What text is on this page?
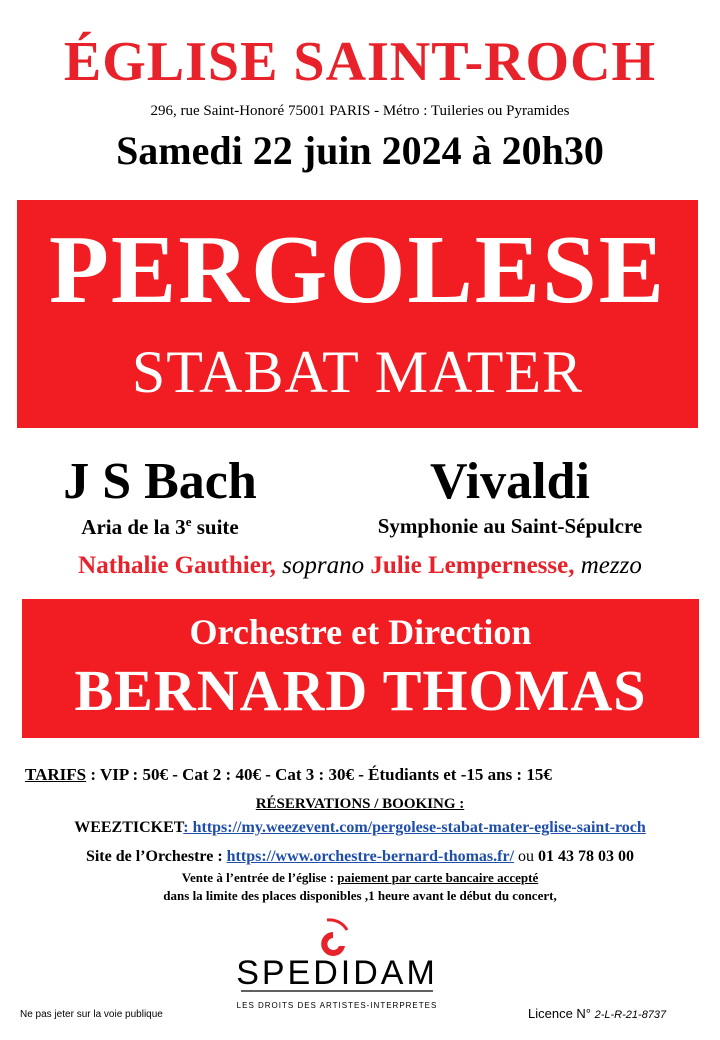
ÉGLISE SAINT-ROCH
296, rue Saint-Honoré 75001 PARIS - Métro : Tuileries ou Pyramides
Samedi 22 juin 2024 à 20h30
PERGOLESE
STABAT MATER
J S Bach
Aria de la 3e suite
Vivaldi
Symphonie au Saint-Sépulcre
Nathalie Gauthier, soprano Julie Lempernesse, mezzo
Orchestre et Direction
BERNARD THOMAS
TARIFS : VIP : 50€ - Cat 2 : 40€ - Cat 3 : 30€ - Étudiants et -15 ans : 15€
RÉSERVATIONS / BOOKING :
WEEZTICKET: https://my.weezevent.com/pergolese-stabat-mater-eglise-saint-roch
Site de l’Orchestre : https://www.orchestre-bernard-thomas.fr/ ou 01 43 78 03 00
Vente à l’entrée de l’église : paiement par carte bancaire accepté
dans la limite des places disponibles ,1 heure avant le début du concert,
SPEDIDAM
LES DROITS DES ARTISTES-INTERPRETES
Ne pas jeter sur la voie publique	Licence N° 2-L-R-21-8737
